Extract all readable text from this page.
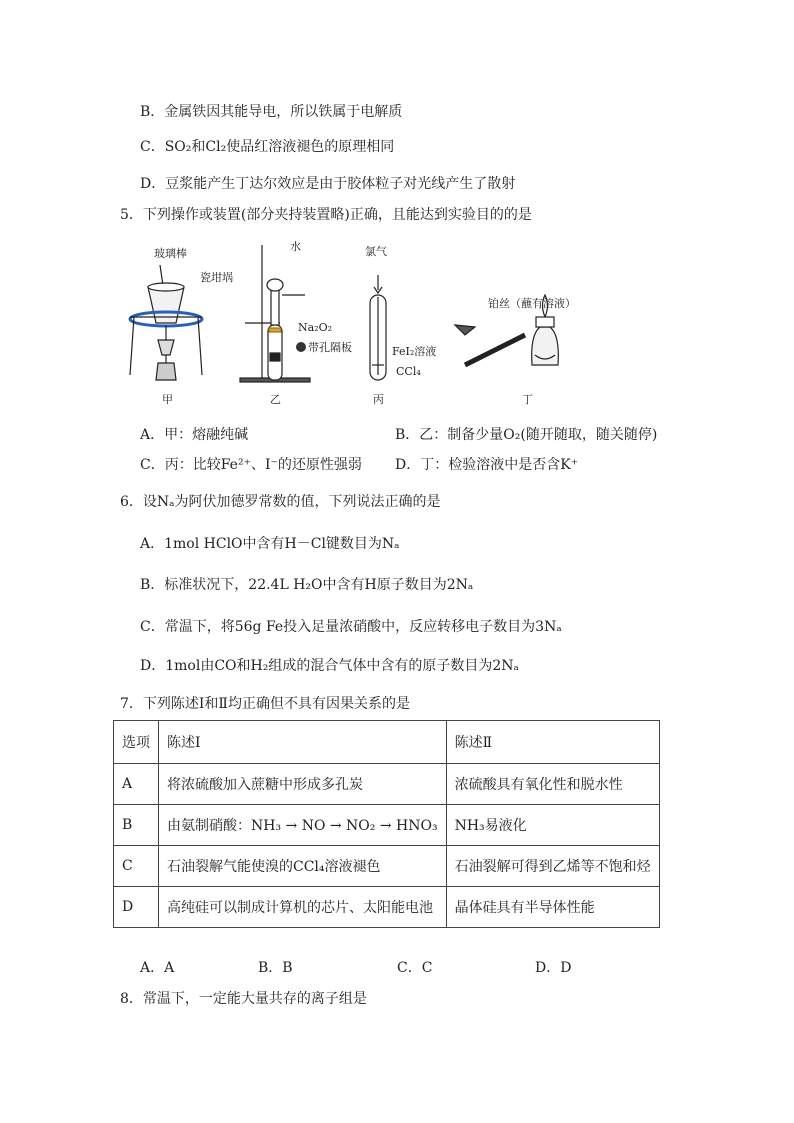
B．金属铁因其能导电，所以铁属于电解质
C．SO₂和Cl₂使品红溶液褪色的原理相同
D．豆浆能产生丁达尔效应是由于胶体粒子对光线产生了散射
5．下列操作或装置(部分夹持装置略)正确，且能达到实验目的的是
玻璃棒
瓷坩埚
甲
水
Na₂O₂
带孔隔板
乙
氯气
FeI₂溶液
CCl₄
丙
铂丝（蘸有溶液）
丁
A．甲：熔融纯碱	B．乙：制备少量O₂(随开随取，随关随停)
C．丙：比较Fe²⁺、I⁻的还原性强弱 D．丁：检验溶液中是否含K⁺
6．设Nₐ为阿伏加德罗常数的值，下列说法正确的是
A．1mol HClO中含有H－Cl键数目为Nₐ
B．标准状况下，22.4L H₂O中含有H原子数目为2Nₐ
C．常温下，将56g Fe投入足量浓硝酸中，反应转移电子数目为3Nₐ
D．1mol由CO和H₂组成的混合气体中含有的原子数目为2Nₐ
7．下列陈述Ⅰ和Ⅱ均正确但不具有因果关系的是
选项	陈述Ⅰ	陈述Ⅱ
A	将浓硫酸加入蔗糖中形成多孔炭	浓硫酸具有氧化性和脱水性
B	由氨制硝酸：NH₃ → NO → NO₂ → HNO₃	NH₃易液化
C	石油裂解气能使溴的CCl₄溶液褪色	石油裂解可得到乙烯等不饱和烃
D	高纯硅可以制成计算机的芯片、太阳能电池	晶体硅具有半导体性能
A．A	B．B	C．C	D．D
8．常温下，一定能大量共存的离子组是
